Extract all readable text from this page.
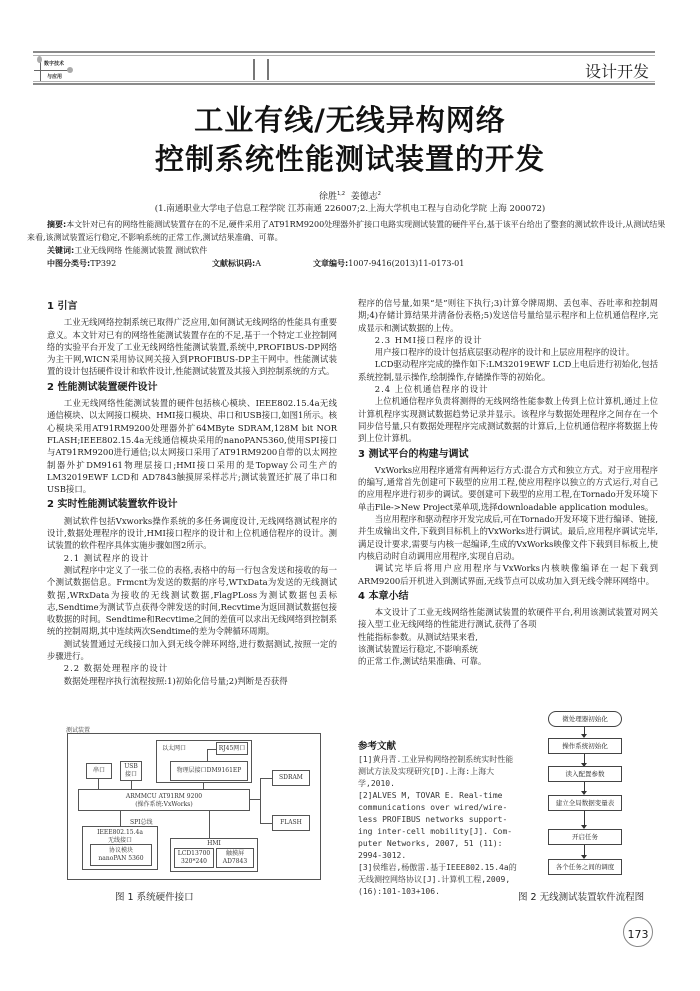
数字技术
与应用	设计开发
工业有线/无线异构网络
控制系统性能测试装置的开发
徐胜$^{1,2}$ 姜德志$^2$
(1.南通职业大学电子信息工程学院 江苏南通 226007;2.上海大学机电工程与自动化学院 上海 200072)
摘要:本文针对已有的网络性能测试装置存在的不足,硬件采用了AT91RM9200处理器外扩接口电路实现测试装置的硬件平台,基于该平台给出了整套的测试软件设计,从测试结果来看,该测试装置运行稳定,不影响系统的正常工作,测试结果准确、可靠。
关键词:工业无线网络 性能测试装置 测试软件
中图分类号:TP392	文献标识码:A	文章编号:1007-9416(2013)11-0173-01
1 引言

工业无线网络控制系统已取得广泛应用,如何测试无线网络的性能具有重要意义。本文针对已有的网络性能测试装置存在的不足,基于一个特定工业控制网络的实验平台开发了工业无线网络性能测试装置,系统中,PROFIBUS-DP网络为主干网,WICN采用协议网关接入到PROFIBUS-DP主干网中。性能测试装置的设计包括硬件设计和软件设计,性能测试装置及其接入到控制系统的方式。

2 性能测试装置硬件设计

工业无线网络性能测试装置的硬件包括核心模块、IEEE802.15.4a无线通信模块、以太网接口模块、HMI接口模块、串口和USB接口,如图1所示。核心模块采用AT91RM9200处理器外扩64MByte SDRAM,128M bit NOR FLASH;IEEE802.15.4a无线通信模块采用的nanoPAN5360,使用SPI接口与AT91RM9200进行通信;以太网接口采用了AT91RM9200自带的以太网控制器外扩DM9161物理层接口;HMI接口采用的是Topway公司生产的LM32019EWF LCD和 AD7843触摸屏采样芯片;测试装置还扩展了串口和USB接口。

2 实时性能测试装置软件设计

测试软件包括Vxworks操作系统的多任务调度设计,无线网络测试程序的设计,数据处理程序的设计,HMI接口程序的设计和上位机通信程序的设计。测试装置的软件程序具体实施步骤如图2所示。

2.1 测试程序的设计

测试程序中定义了一张二位的表格,表格中的每一行包含发送和接收的每一个测试数据信息。Frmcnt为发送的数据的序号,WTxData为发送的无线测试数据,WRxData为接收的无线测试数据,FlagPLoss为测试数据包丢标志,Sendtime为测试节点获得令牌发送的时间,Recvtime为返回测试数据包接收数据的时间。Sendtime和Recvtime之间的差值可以求出无线网络到控制系统的控制周期,其中连续两次Sendtime的差为令牌循环周期。

测试装置通过无线接口加入到无线令牌环网络,进行数据测试,按照一定的步骤进行。

2.2 数据处理程序的设计

数据处理程序执行流程按照:1)初始化信号量;2)判断是否获得

测试装置
以太网口	RJ45网口
物理层接口DM9161EP
串口
USB
接口
ARMMCU AT91RM 9200
(操作系统:VxWorks)
SDRAM
FLASH
SPI总线
IEEE802.15.4a
无线接口
协议模块
nanoPAN 5360
HMI
LCD13700
320*240
触摸屏
AD7843
图 1 系统硬件接口

程序的信号量,如果“是”则往下执行;3)计算令牌周期、丢包率、吞吐率和控制周期;4)存储计算结果并清备份表格;5)发送信号量给显示程序和上位机通信程序,完成显示和测试数据的上传。

2.3 HMI接口程序的设计

用户接口程序的设计包括底层驱动程序的设计和上层应用程序的设计。

LCD驱动程序完成的操作如下:LM32019EWF LCD上电后进行初始化,包括系统控制,显示操作,绘制操作,存储操作等的初始化。

2.4 上位机通信程序的设计

上位机通信程序负责将测得的无线网络性能参数上传到上位计算机,通过上位计算机程序实现测试数据趋势记录并显示。该程序与数据处理程序之间存在一个同步信号量,只有数据处理程序完成测试数据的计算后,上位机通信程序将数据上传到上位计算机。

3 测试平台的构建与调试

VxWorks应用程序通常有两种运行方式:混合方式和独立方式。对于应用程序的编写,通常首先创建可下载型的应用工程,使应用程序以独立的方式运行,对自己的应用程序进行初步的调试。要创建可下载型的应用工程,在Tornado开发环境下单击File->New Project菜单项,选择downloadable application modules。

当应用程序和驱动程序开发完成后,可在Tornado开发环境下进行编译、链接,并生成输出文件,下载到目标机上的VxWorks进行调试。最后,应用程序调试完毕,满足设计要求,需要与内核一起编译,生成的VxWorks映像文件下载到目标板上,使内核启动时自动调用应用程序,实现自启动。

调试完毕后将用户应用程序与VxWorks内核映像编译在一起下载到ARM9200后开机进入到测试界面,无线节点可以成功加入到无线令牌环网络中。

4 本章小结

本文设计了工业无线网络性能测试装置的软硬件平台,利用该测试装置对网关接入型工业无线网络的性能进行测试,获得了各项

性能指标参数。从测试结果来看,
该测试装置运行稳定,不影响系统
的正常工作,测试结果准确、可靠。
参考文献
[1]黄丹青.工业异构网络控制系统实时性能测试方法及实现研究[D].上海:上海大学,2010.
[2]ALVES M, TOVAR E. Real-time communications over wired/wire-less PROFIBUS networks support-ing inter-cell mobility[J]. Com-puter Networks, 2007, 51 (11): 2994-3012.
[3]侯维岩,杨傲雷.基于IEEE802.15.4a的无线测控网络协议[J].计算机工程,2009,(16):101-103+106.
微处理器初始化
操作系统初始化
读入配置参数
建立全局数据变量表
开启任务
各个任务之间的调度
图 2 无线测试装置软件流程图
173
